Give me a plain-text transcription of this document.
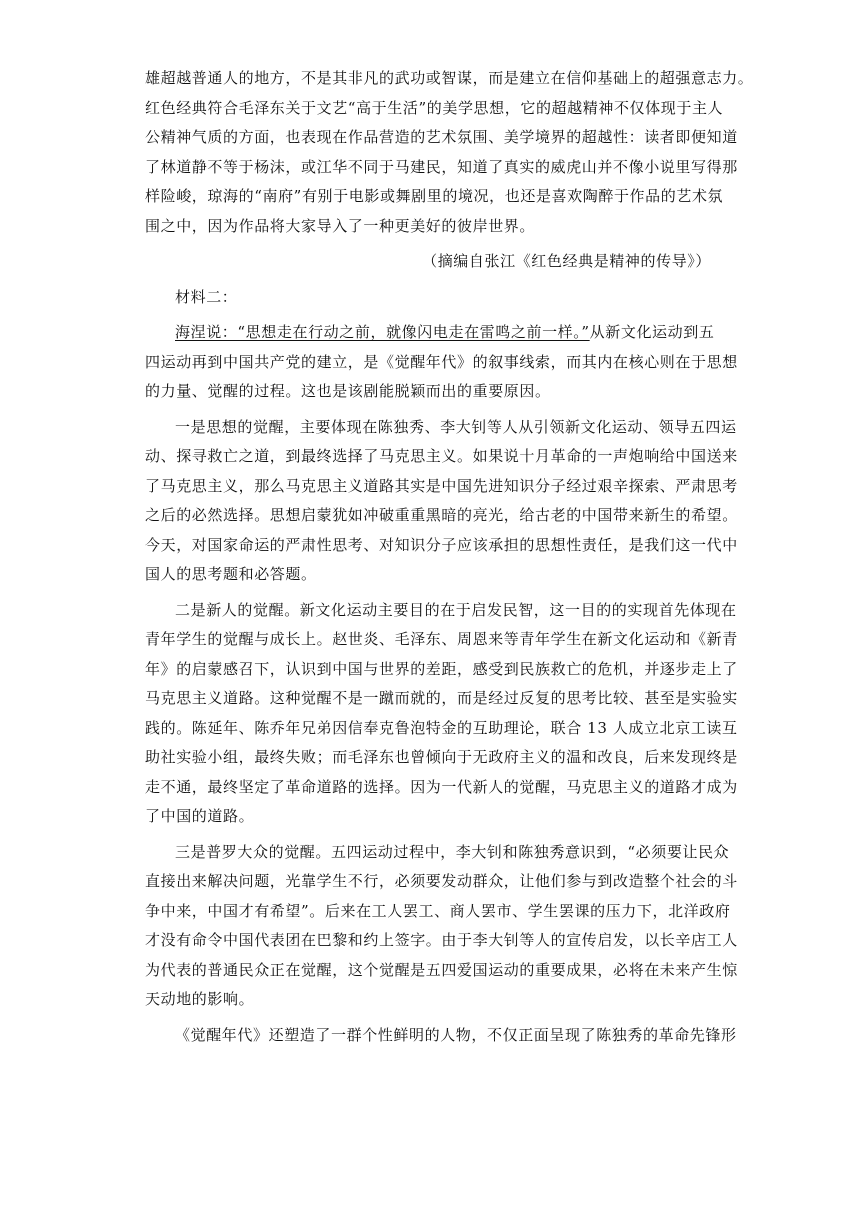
雄超越普通人的地方，不是其非凡的武功或智谋，而是建立在信仰基础上的超强意志力。
红色经典符合毛泽东关于文艺“高于生活”的美学思想，它的超越精神不仅体现于主人
公精神气质的方面，也表现在作品营造的艺术氛围、美学境界的超越性：读者即便知道
了林道静不等于杨沫，或江华不同于马建民，知道了真实的威虎山并不像小说里写得那
样险峻，琼海的“南府”有别于电影或舞剧里的境况，也还是喜欢陶醉于作品的艺术氛
围之中，因为作品将大家导入了一种更美好的彼岸世界。
（摘编自张江《红色经典是精神的传导》）
材料二：
海涅说：“思想走在行动之前，就像闪电走在雷鸣之前一样。”从新文化运动到五
四运动再到中国共产党的建立，是《觉醒年代》的叙事线索，而其内在核心则在于思想
的力量、觉醒的过程。这也是该剧能脱颖而出的重要原因。
一是思想的觉醒，主要体现在陈独秀、李大钊等人从引领新文化运动、领导五四运
动、探寻救亡之道，到最终选择了马克思主义。如果说十月革命的一声炮响给中国送来
了马克思主义，那么马克思主义道路其实是中国先进知识分子经过艰辛探索、严肃思考
之后的必然选择。思想启蒙犹如冲破重重黑暗的亮光，给古老的中国带来新生的希望。
今天，对国家命运的严肃性思考、对知识分子应该承担的思想性责任，是我们这一代中
国人的思考题和必答题。
二是新人的觉醒。新文化运动主要目的在于启发民智，这一目的的实现首先体现在
青年学生的觉醒与成长上。赵世炎、毛泽东、周恩来等青年学生在新文化运动和《新青
年》的启蒙感召下，认识到中国与世界的差距，感受到民族救亡的危机，并逐步走上了
马克思主义道路。这种觉醒不是一蹴而就的，而是经过反复的思考比较、甚至是实验实
践的。陈延年、陈乔年兄弟因信奉克鲁泡特金的互助理论，联合 13 人成立北京工读互
助社实验小组，最终失败；而毛泽东也曾倾向于无政府主义的温和改良，后来发现终是
走不通，最终坚定了革命道路的选择。因为一代新人的觉醒，马克思主义的道路才成为
了中国的道路。
三是普罗大众的觉醒。五四运动过程中，李大钊和陈独秀意识到，“必须要让民众
直接出来解决问题，光靠学生不行，必须要发动群众，让他们参与到改造整个社会的斗
争中来，中国才有希望”。后来在工人罢工、商人罢市、学生罢课的压力下，北洋政府
才没有命令中国代表团在巴黎和约上签字。由于李大钊等人的宣传启发，以长辛店工人
为代表的普通民众正在觉醒，这个觉醒是五四爱国运动的重要成果，必将在未来产生惊
天动地的影响。
《觉醒年代》还塑造了一群个性鲜明的人物，不仅正面呈现了陈独秀的革命先锋形
